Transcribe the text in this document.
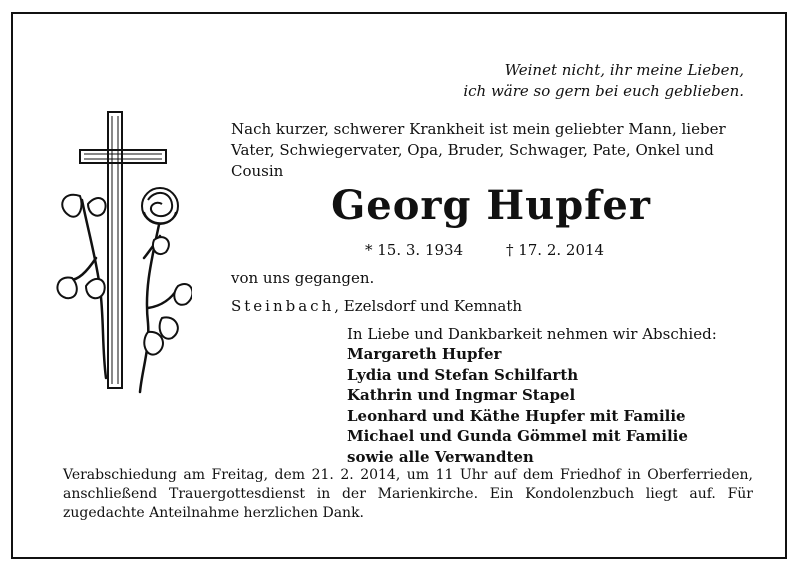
Weinet nicht, ihr meine Lieben,
ich wäre so gern bei euch geblieben.
Nach kurzer, schwerer Krankheit ist mein geliebter Mann, lieber Vater, Schwiegervater, Opa, Bruder, Schwager, Pate, Onkel und Cousin
Georg Hupfer
* 15. 3. 1934	† 17. 2. 2014
von uns gegangen.
Steinbach, Ezelsdorf und Kemnath
In Liebe und Dankbarkeit nehmen wir Abschied:
Margareth Hupfer
Lydia und Stefan Schilfarth
Kathrin und Ingmar Stapel
Leonhard und Käthe Hupfer mit Familie
Michael und Gunda Gömmel mit Familie
sowie alle Verwandten
Verabschiedung am Freitag, dem 21. 2. 2014, um 11 Uhr auf dem Friedhof in Oberferrieden, anschließend Trauergottesdienst in der Marienkirche. Ein Kondolenzbuch liegt auf. Für zugedachte Anteilnahme herzlichen Dank.
